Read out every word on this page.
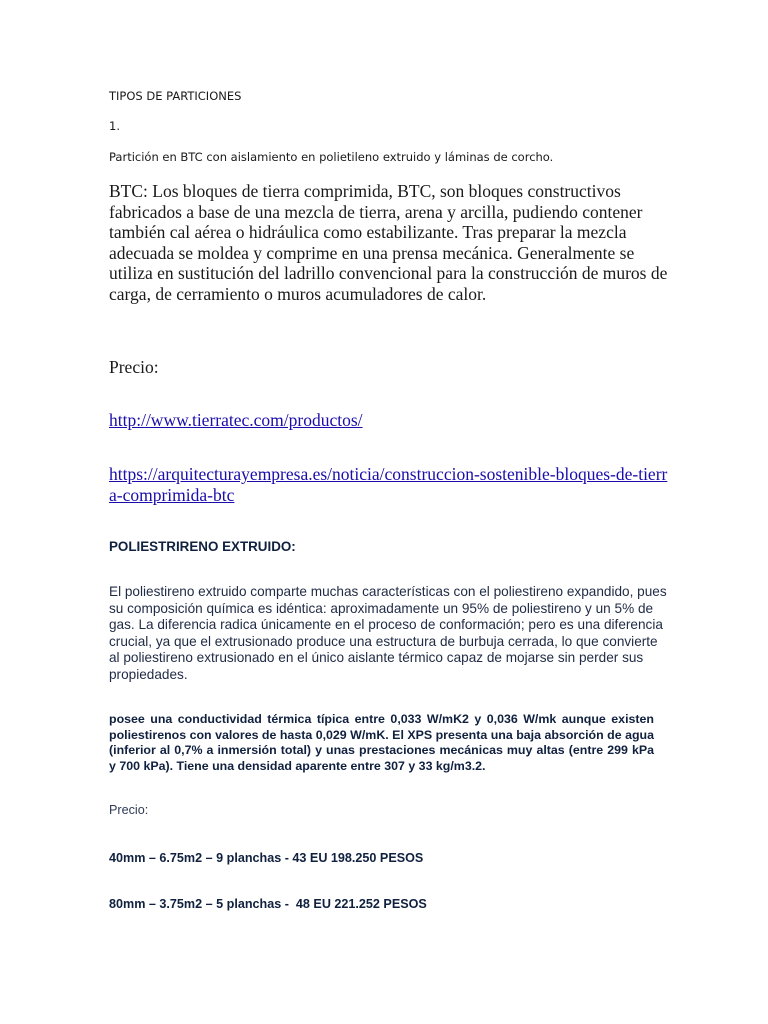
TIPOS DE PARTICIONES
1.
Partición en BTC con aislamiento en polietileno extruido y láminas de corcho.
BTC: Los bloques de tierra comprimida, BTC, son bloques constructivos fabricados a base de una mezcla de tierra, arena y arcilla, pudiendo contener también cal aérea o hidráulica como estabilizante. Tras preparar la mezcla adecuada se moldea y comprime en una prensa mecánica. Generalmente se utiliza en sustitución del ladrillo convencional para la construcción de muros de carga, de cerramiento o muros acumuladores de calor.
Precio:
http://www.tierratec.com/productos/
https://arquitecturayempresa.es/noticia/construccion-sostenible-bloques-de-tierra-comprimida-btc
POLIESTRIRENO EXTRUIDO:
El poliestireno extruido comparte muchas características con el poliestireno expandido, pues su composición química es idéntica: aproximadamente un 95% de poliestireno y un 5% de gas. La diferencia radica únicamente en el proceso de conformación; pero es una diferencia crucial, ya que el extrusionado produce una estructura de burbuja cerrada, lo que convierte al poliestireno extrusionado en el único aislante térmico capaz de mojarse sin perder sus propiedades.
posee una conductividad térmica típica entre 0,033 W/mK2 y 0,036 W/mk aunque existen poliestirenos con valores de hasta 0,029 W/mK. El XPS presenta una baja absorción de agua (inferior al 0,7% a inmersión total) y unas prestaciones mecánicas muy altas (entre 299 kPa y 700 kPa). Tiene una densidad aparente entre 307 y 33 kg/m3.2.
Precio:
40mm – 6.75m2 – 9 planchas - 43 EU 198.250 PESOS
80mm – 3.75m2 – 5 planchas -  48 EU 221.252 PESOS
